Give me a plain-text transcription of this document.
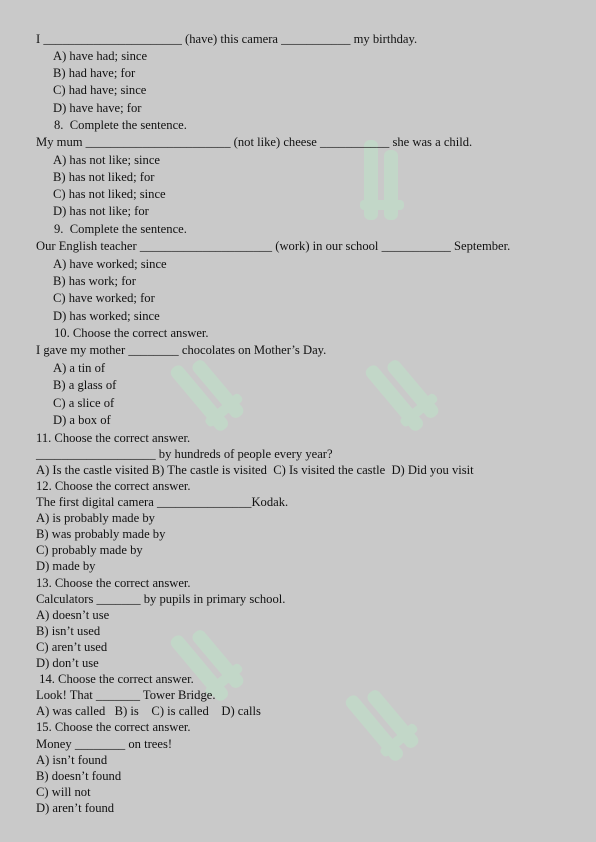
I ______________________ (have) this camera ___________ my birthday.
A) have had; since
B) had have; for
C) had have; since
D) have have; for
8.  Complete the sentence.
My mum _______________________ (not like) cheese ___________ she was a child.
A) has not like; since
B) has not liked; for
C) has not liked; since
D) has not like; for
9.  Complete the sentence.
Our English teacher _____________________ (work) in our school ___________ September.
A) have worked; since
B) has work; for
C) have worked; for
D) has worked; since
10. Choose the correct answer.
I gave my mother ________ chocolates on Mother’s Day.
A) a tin of
B) a glass of
C) a slice of
D) a box of
11. Choose the correct answer.
___________________ by hundreds of people every year?
A) Is the castle visited B) The castle is visited  C) Is visited the castle  D) Did you visit
12. Choose the correct answer.
The first digital camera _______________Kodak.
A) is probably made by
B) was probably made by
C) probably made by
D) made by
13. Choose the correct answer.
Calculators _______ by pupils in primary school.
A) doesn’t use
B) isn’t used
C) aren’t used
D) don’t use
14. Choose the correct answer.
Look! That _______ Tower Bridge.
A) was called   B) is    C) is called    D) calls
15. Choose the correct answer.
Money ________ on trees!
A) isn’t found
B) doesn’t found
C) will not
D) aren’t found
